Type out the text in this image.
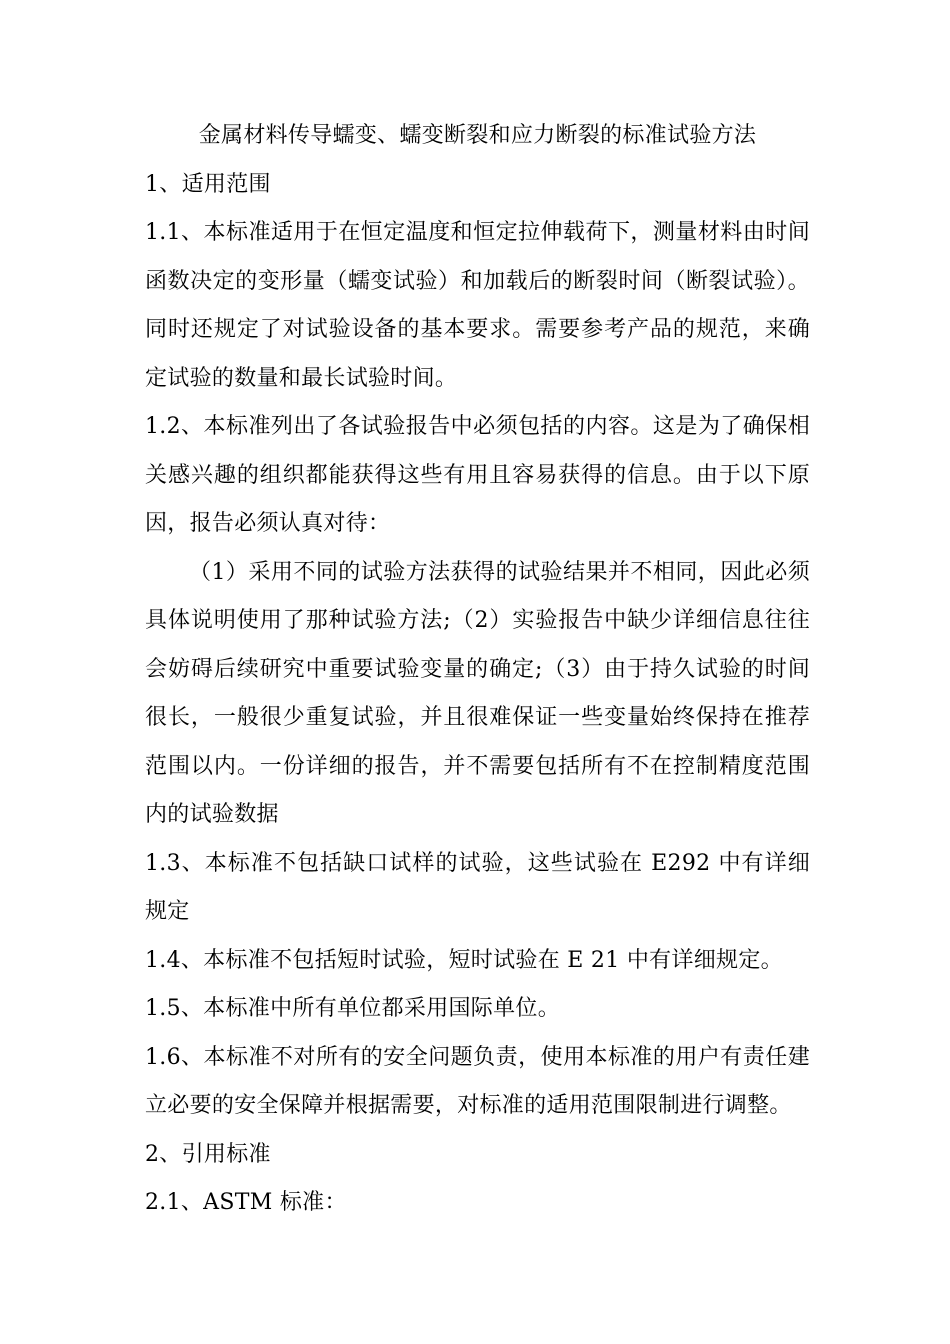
金属材料传导蠕变、蠕变断裂和应力断裂的标准试验方法

1、适用范围

1.1、本标准适用于在恒定温度和恒定拉伸载荷下，测量材料由时间函数决定的变形量（蠕变试验）和加载后的断裂时间（断裂试验）。同时还规定了对试验设备的基本要求。需要参考产品的规范，来确定试验的数量和最长试验时间。

1.2、本标准列出了各试验报告中必须包括的内容。这是为了确保相关感兴趣的组织都能获得这些有用且容易获得的信息。由于以下原因，报告必须认真对待：

（1）采用不同的试验方法获得的试验结果并不相同，因此必须具体说明使用了那种试验方法;（2）实验报告中缺少详细信息往往会妨碍后续研究中重要试验变量的确定;（3）由于持久试验的时间很长，一般很少重复试验，并且很难保证一些变量始终保持在推荐范围以内。一份详细的报告，并不需要包括所有不在控制精度范围内的试验数据

1.3、本标准不包括缺口试样的试验，这些试验在 E292 中有详细规定

1.4、本标准不包括短时试验，短时试验在 E 21 中有详细规定。

1.5、本标准中所有单位都采用国际单位。

1.6、本标准不对所有的安全问题负责，使用本标准的用户有责任建立必要的安全保障并根据需要，对标准的适用范围限制进行调整。

2、引用标准

2.1、ASTM 标准：
